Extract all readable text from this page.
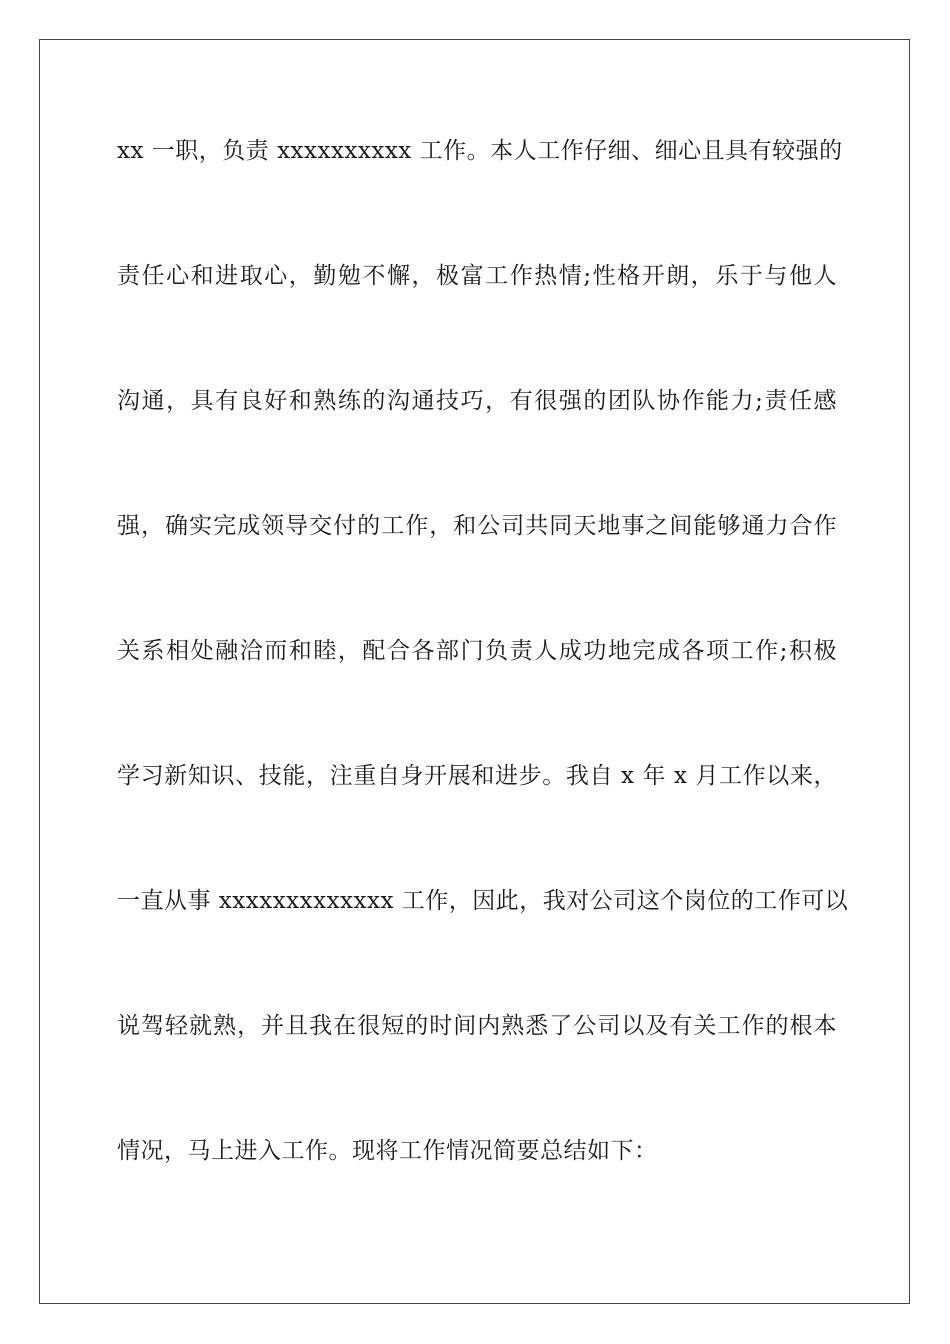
xx 一职，负责 xxxxxxxxxx 工作。本人工作仔细、细心且具有较强的
责任心和进取心，勤勉不懈，极富工作热情;性格开朗，乐于与他人
沟通，具有良好和熟练的沟通技巧，有很强的团队协作能力;责任感
强，确实完成领导交付的工作，和公司共同天地事之间能够通力合作
关系相处融洽而和睦，配合各部门负责人成功地完成各项工作;积极
学习新知识、技能，注重自身开展和进步。我自 x 年 x 月工作以来，
一直从事 xxxxxxxxxxxxx 工作，因此，我对公司这个岗位的工作可以
说驾轻就熟，并且我在很短的时间内熟悉了公司以及有关工作的根本
情况，马上进入工作。现将工作情况简要总结如下：
